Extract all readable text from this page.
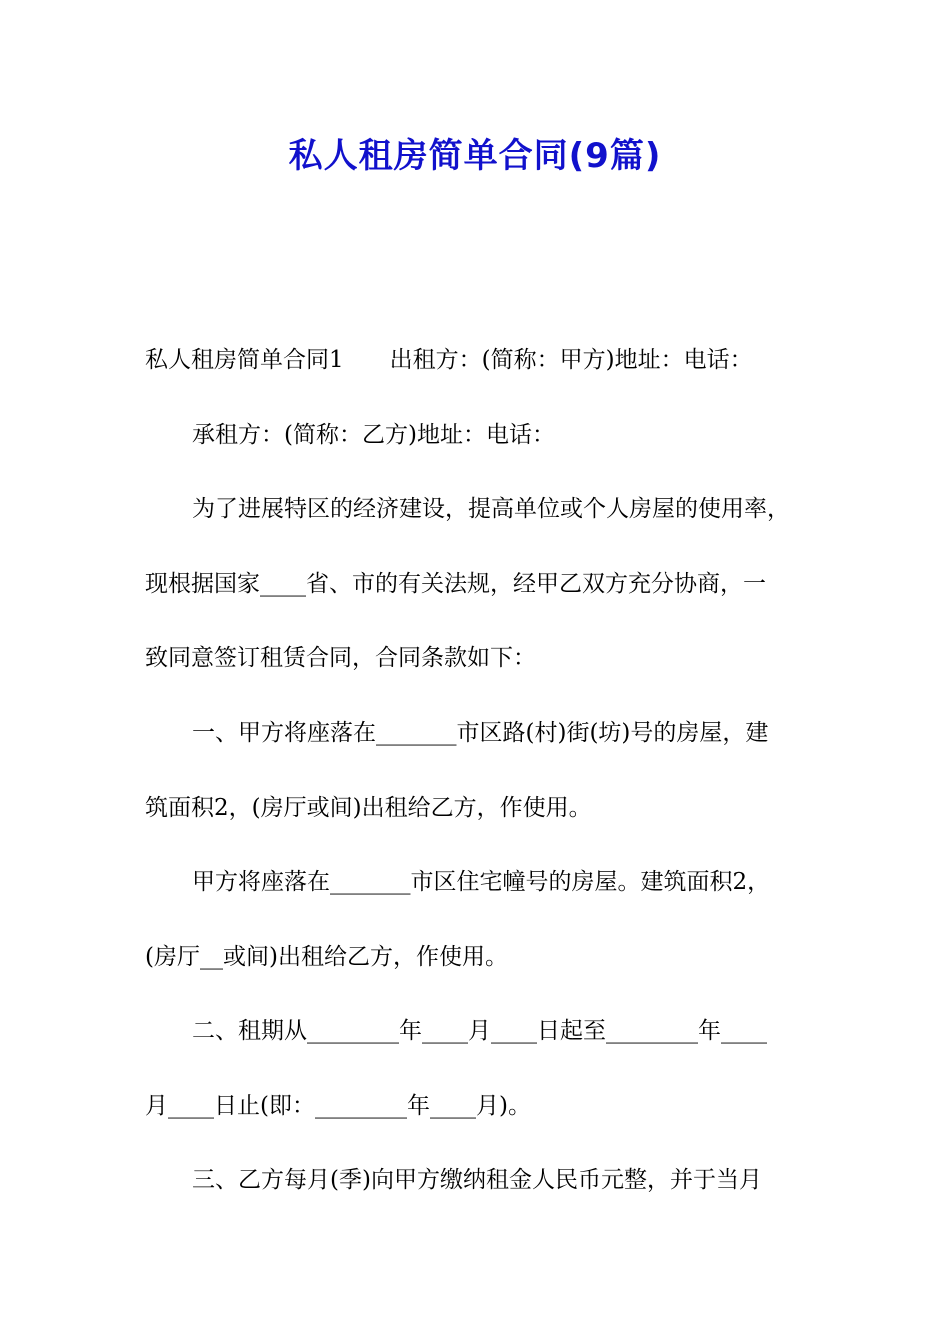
私人租房简单合同(9篇)
私人租房简单合同1　　出租方：(简称：甲方)地址：电话：
承租方：(简称：乙方)地址：电话：
为了进展特区的经济建设，提高单位或个人房屋的使用率，
现根据国家____省、市的有关法规，经甲乙双方充分协商，一
致同意签订租赁合同，合同条款如下：
一、甲方将座落在_______市区路(村)街(坊)号的房屋，建
筑面积2，(房厅或间)出租给乙方，作使用。
甲方将座落在_______市区住宅幢号的房屋。建筑面积2，
(房厅__或间)出租给乙方，作使用。
二、租期从________年____月____日起至________年____
月____日止(即：________年____月)。
三、乙方每月(季)向甲方缴纳租金人民币元整，并于当月
